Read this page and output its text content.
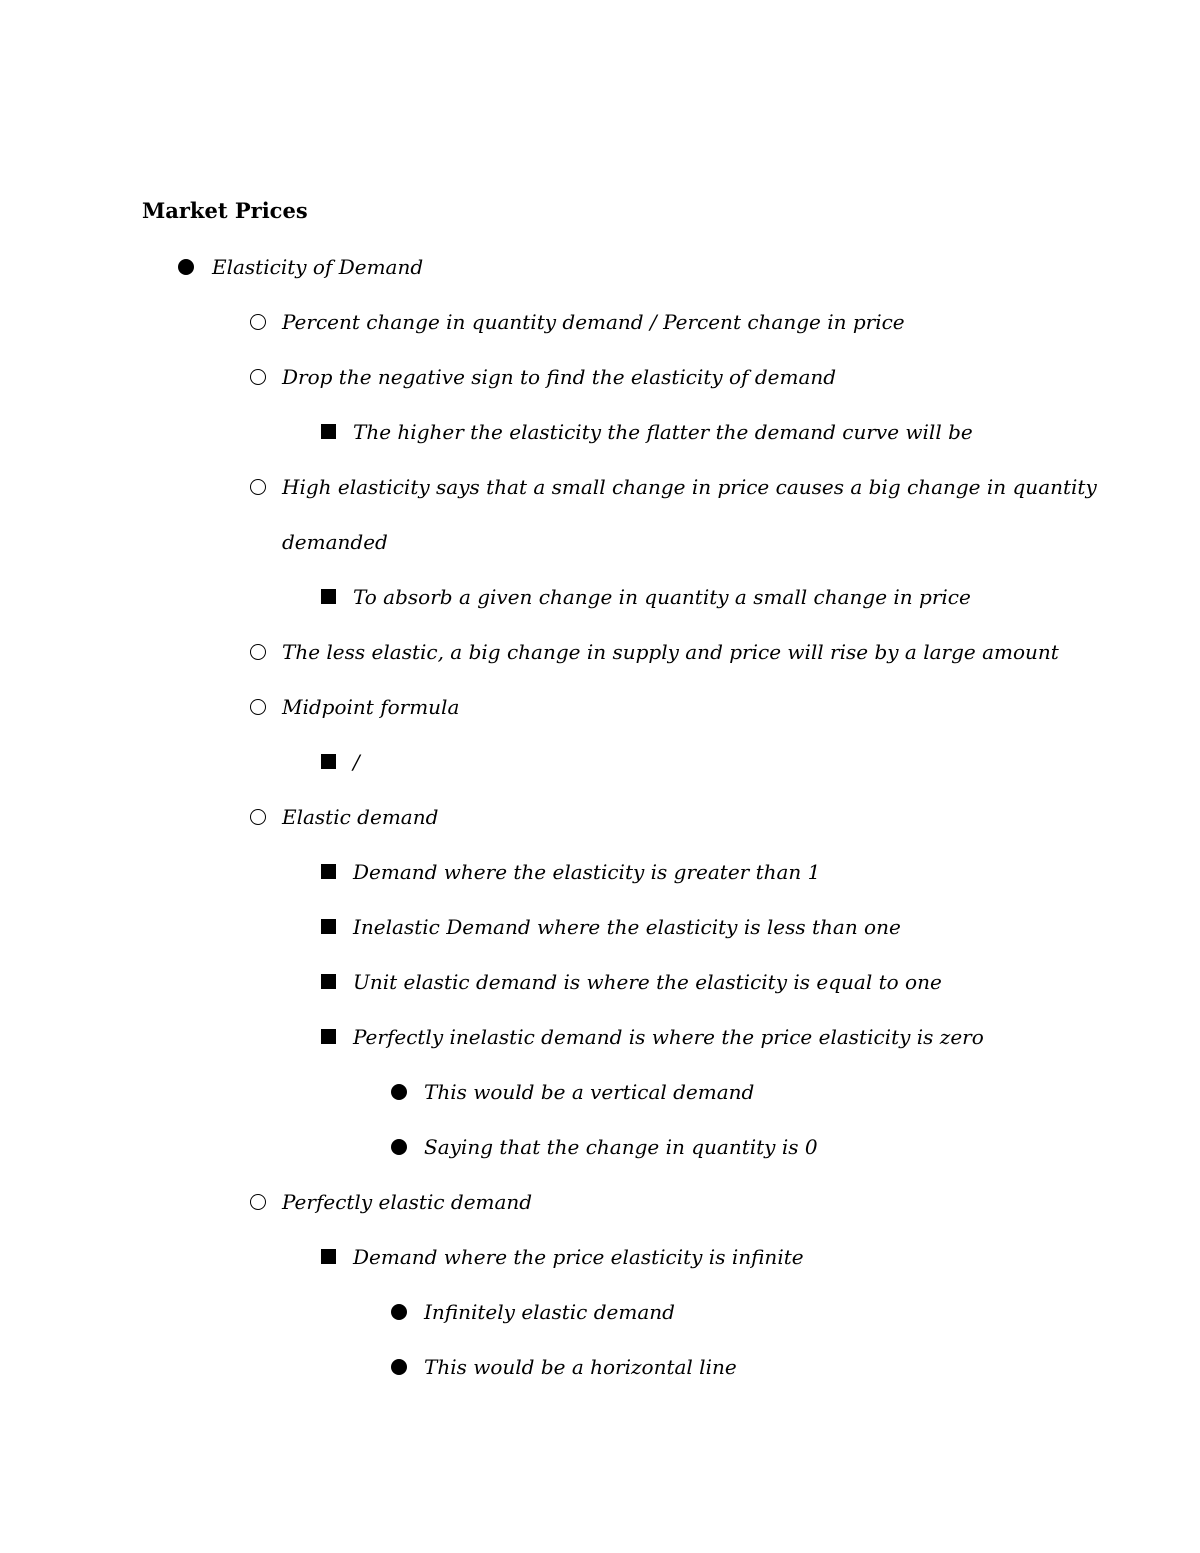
Market Prices
Elasticity of Demand
Percent change in quantity demand / Percent change in price
Drop the negative sign to find the elasticity of demand
The higher the elasticity the flatter the demand curve will be
High elasticity says that a small change in price causes a big change in quantity
demanded
To absorb a given change in quantity a small change in price
The less elastic, a big change in supply and price will rise by a large amount
Midpoint formula
/
Elastic demand
Demand where the elasticity is greater than 1
Inelastic Demand where the elasticity is less than one
Unit elastic demand is where the elasticity is equal to one
Perfectly inelastic demand is where the price elasticity is zero
This would be a vertical demand
Saying that the change in quantity is 0
Perfectly elastic demand
Demand where the price elasticity is infinite
Infinitely elastic demand
This would be a horizontal line
